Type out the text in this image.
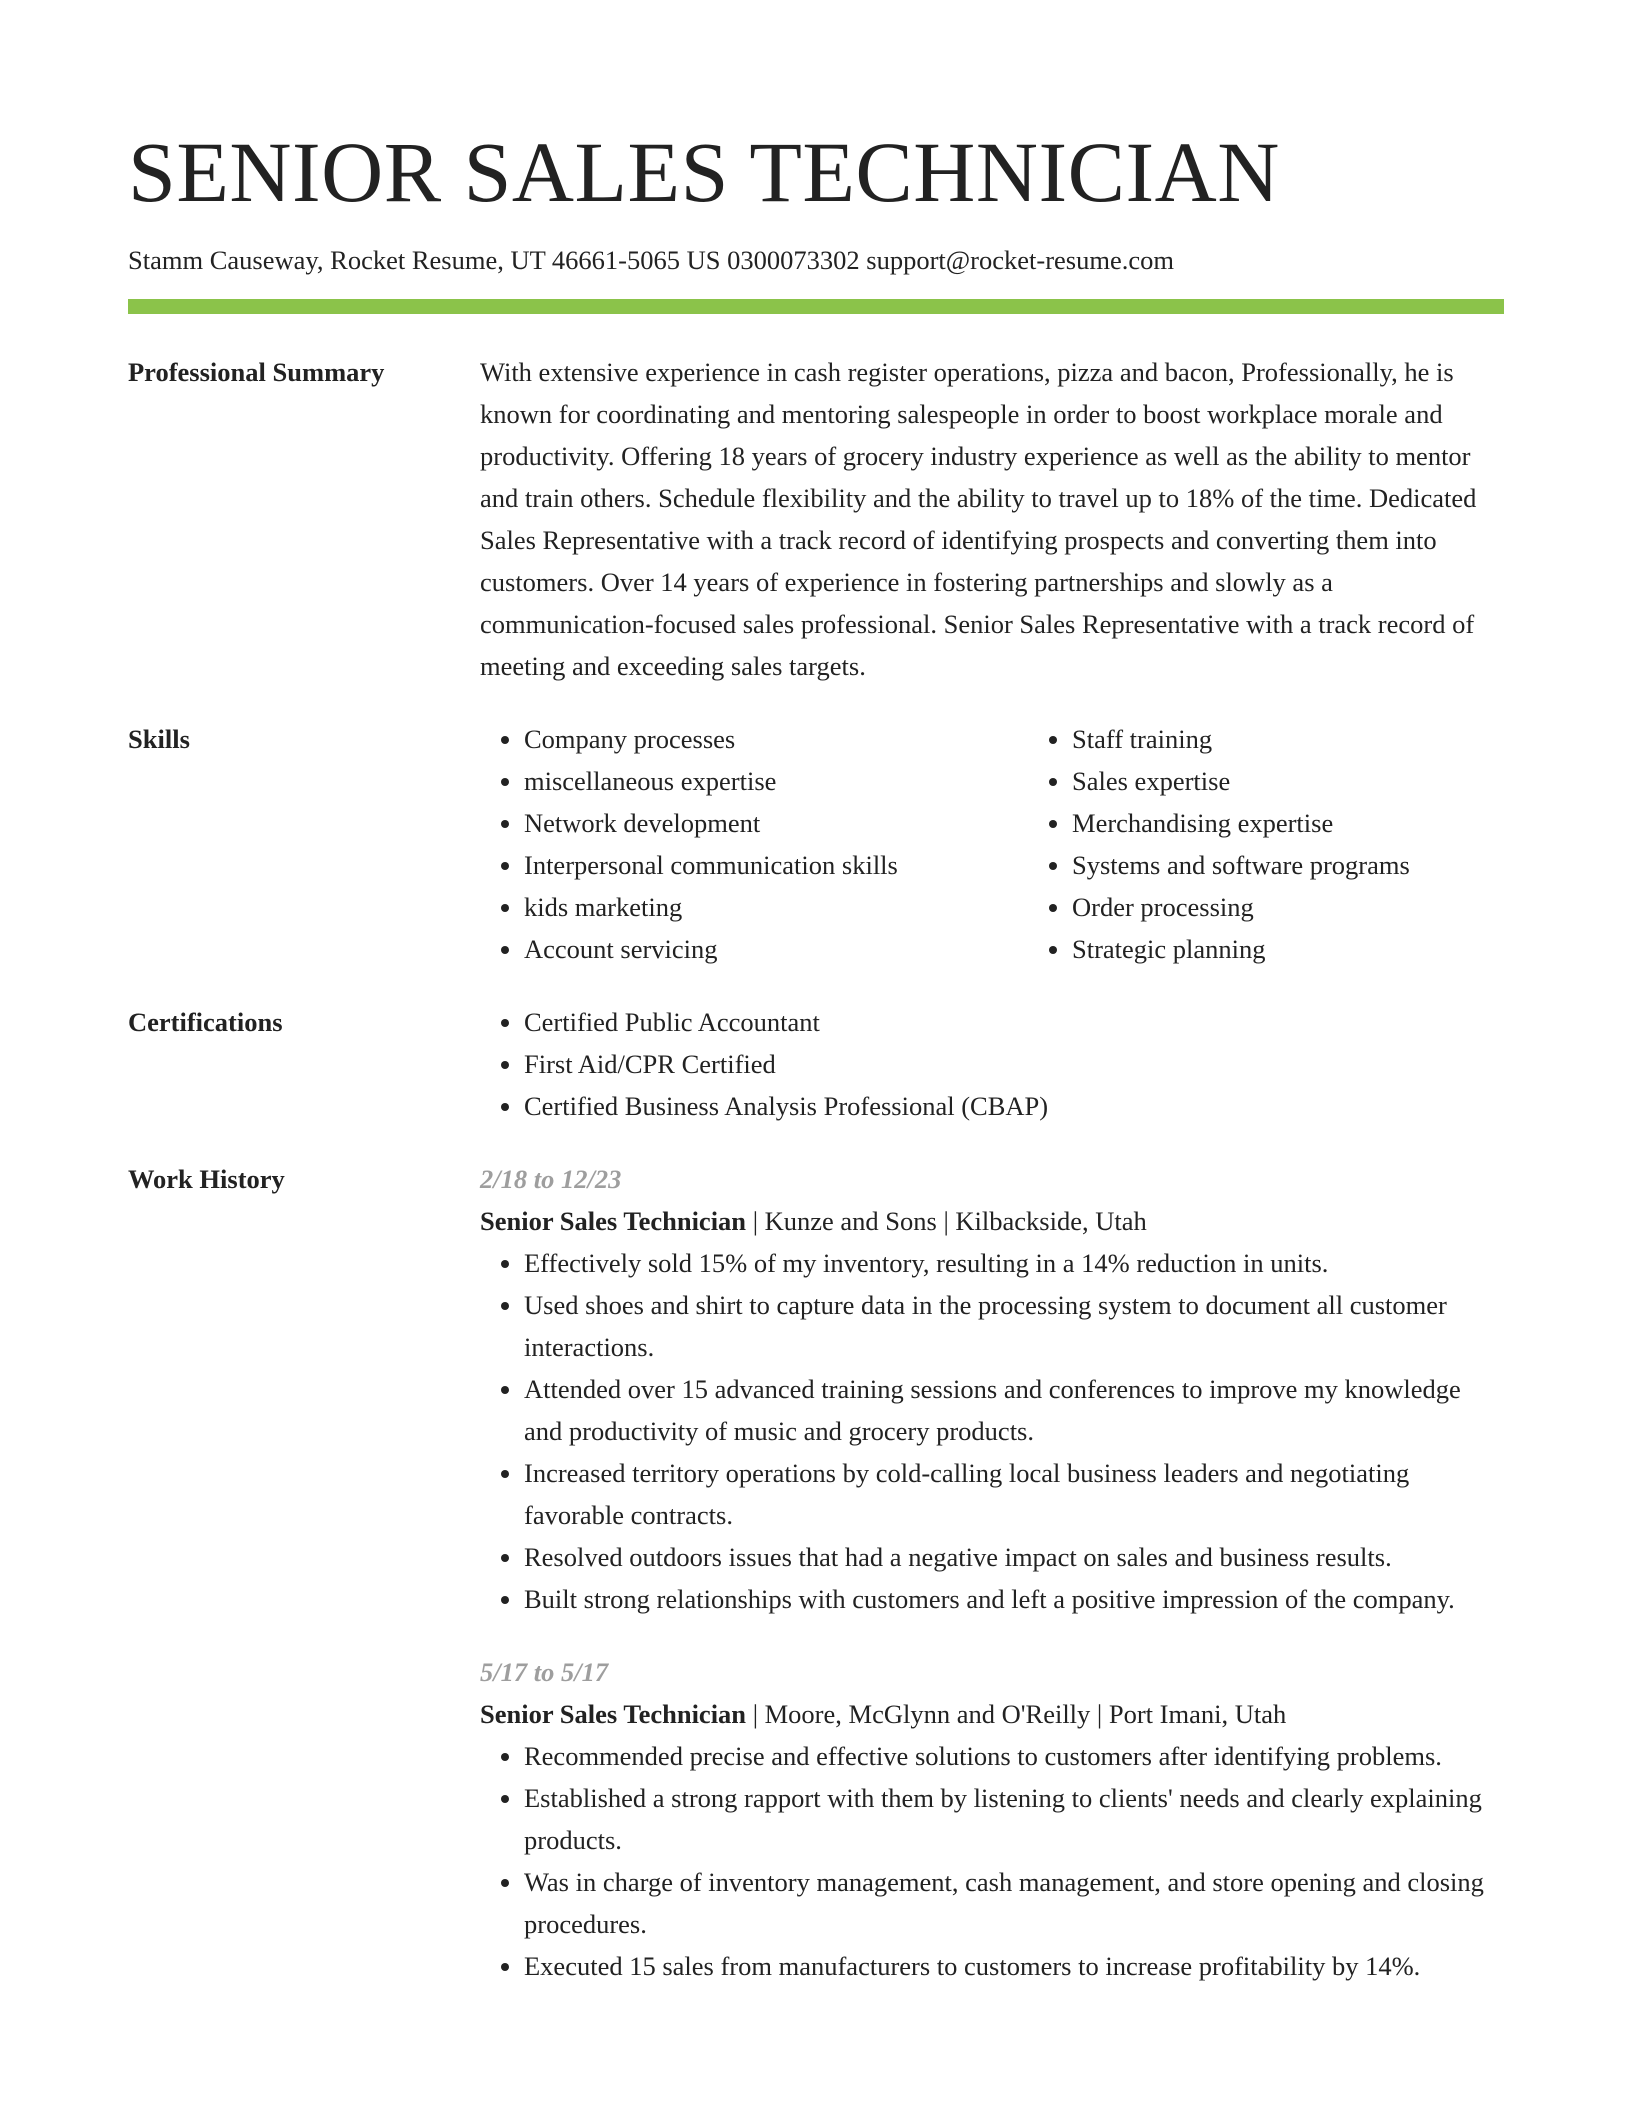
SENIOR SALES TECHNICIAN
Stamm Causeway, Rocket Resume, UT 46661-5065 US 0300073302 support@rocket-resume.com
Professional Summary	With extensive experience in cash register operations, pizza and bacon, Professionally, he is known for coordinating and mentoring salespeople in order to boost workplace morale and productivity. Offering 18 years of grocery industry experience as well as the ability to mentor and train others. Schedule flexibility and the ability to travel up to 18% of the time. Dedicated Sales Representative with a track record of identifying prospects and converting them into customers. Over 14 years of experience in fostering partnerships and slowly as a communication-focused sales professional. Senior Sales Representative with a track record of meeting and exceeding sales targets.

Skills	• Company processes
• miscellaneous expertise
• Network development
• Interpersonal communication skills
• kids marketing
• Account servicing
• Staff training
• Sales expertise
• Merchandising expertise
• Systems and software programs
• Order processing
• Strategic planning
Certifications	• Certified Public Accountant
• First Aid/CPR Certified
• Certified Business Analysis Professional (CBAP)
Work History	2/18 to 12/23
Senior Sales Technician | Kunze and Sons | Kilbackside, Utah
• Effectively sold 15% of my inventory, resulting in a 14% reduction in units.
• Used shoes and shirt to capture data in the processing system to document all customer interactions.
• Attended over 15 advanced training sessions and conferences to improve my knowledge and productivity of music and grocery products.
• Increased territory operations by cold-calling local business leaders and negotiating favorable contracts.
• Resolved outdoors issues that had a negative impact on sales and business results.
• Built strong relationships with customers and left a positive impression of the company.
5/17 to 5/17
Senior Sales Technician | Moore, McGlynn and O'Reilly | Port Imani, Utah
• Recommended precise and effective solutions to customers after identifying problems.
• Established a strong rapport with them by listening to clients' needs and clearly explaining products.
• Was in charge of inventory management, cash management, and store opening and closing procedures.
• Executed 15 sales from manufacturers to customers to increase profitability by 14%.
